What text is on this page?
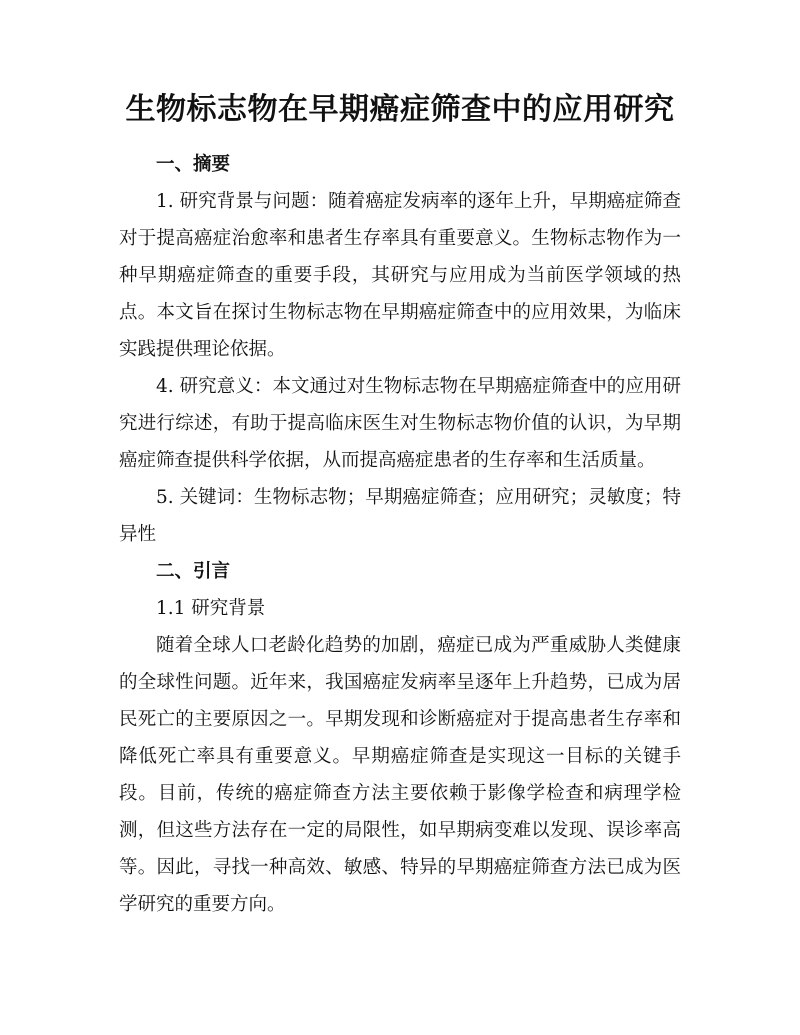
生物标志物在早期癌症筛查中的应用研究
一、摘要

1. 研究背景与问题：随着癌症发病率的逐年上升，早期癌症筛查对于提高癌症治愈率和患者生存率具有重要意义。生物标志物作为一种早期癌症筛查的重要手段，其研究与应用成为当前医学领域的热点。本文旨在探讨生物标志物在早期癌症筛查中的应用效果，为临床实践提供理论依据。

4. 研究意义：本文通过对生物标志物在早期癌症筛查中的应用研究进行综述，有助于提高临床医生对生物标志物价值的认识，为早期癌症筛查提供科学依据，从而提高癌症患者的生存率和生活质量。

5. 关键词：生物标志物；早期癌症筛查；应用研究；灵敏度；特异性

二、引言
1.1 研究背景

随着全球人口老龄化趋势的加剧，癌症已成为严重威胁人类健康的全球性问题。近年来，我国癌症发病率呈逐年上升趋势，已成为居民死亡的主要原因之一。早期发现和诊断癌症对于提高患者生存率和降低死亡率具有重要意义。早期癌症筛查是实现这一目标的关键手段。目前，传统的癌症筛查方法主要依赖于影像学检查和病理学检测，但这些方法存在一定的局限性，如早期病变难以发现、误诊率高等。因此，寻找一种高效、敏感、特异的早期癌症筛查方法已成为医学研究的重要方向。
